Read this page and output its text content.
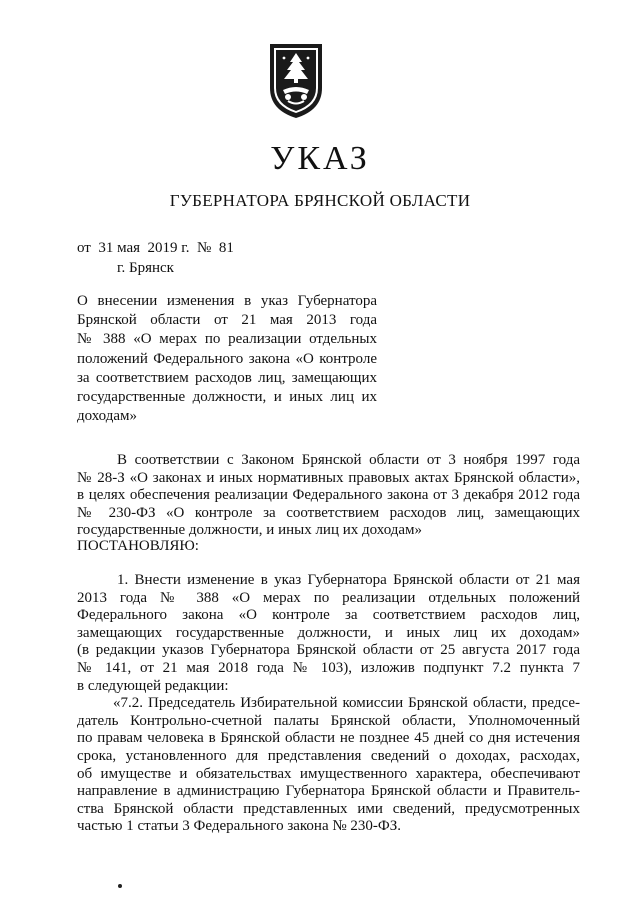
УКАЗ
ГУБЕРНАТОРА БРЯНСКОЙ ОБЛАСТИ
от  31 мая  2019 г.  №  81
г. Брянск
О внесении изменения в указ Губернатора
Брянской области от 21 мая 2013 года
№ 388 «О мерах по реализации отдельных
положений Федерального закона «О контроле
за соответствием расходов лиц, замещающих
государственные должности, и иных лиц их
доходам»
В соответствии с Законом Брянской области от 3 ноября 1997 года
№ 28-З «О законах и иных нормативных правовых актах Брянской области»,
в целях обеспечения реализации Федерального закона от 3 декабря 2012 года
№ 230-ФЗ «О контроле за соответствием расходов лиц, замещающих
государственные должности, и иных лиц их доходам»
ПОСТАНОВЛЯЮ:
1. Внести изменение в указ Губернатора Брянской области от 21 мая
2013 года № 388 «О мерах по реализации отдельных положений
Федерального закона «О контроле за соответствием расходов лиц,
замещающих государственные должности, и иных лиц их доходам»
(в редакции указов Губернатора Брянской области от 25 августа 2017 года
№ 141, от 21 мая 2018 года № 103), изложив подпункт 7.2 пункта 7
в следующей редакции:
«7.2. Председатель Избирательной комиссии Брянской области, предсе-
датель Контрольно-счетной палаты Брянской области, Уполномоченный
по правам человека в Брянской области не позднее 45 дней со дня истечения
срока, установленного для представления сведений о доходах, расходах,
об имуществе и обязательствах имущественного характера, обеспечивают
направление в администрацию Губернатора Брянской области и Правитель-
ства Брянской области представленных ими сведений, предусмотренных
частью 1 статьи 3 Федерального закона № 230-ФЗ.
